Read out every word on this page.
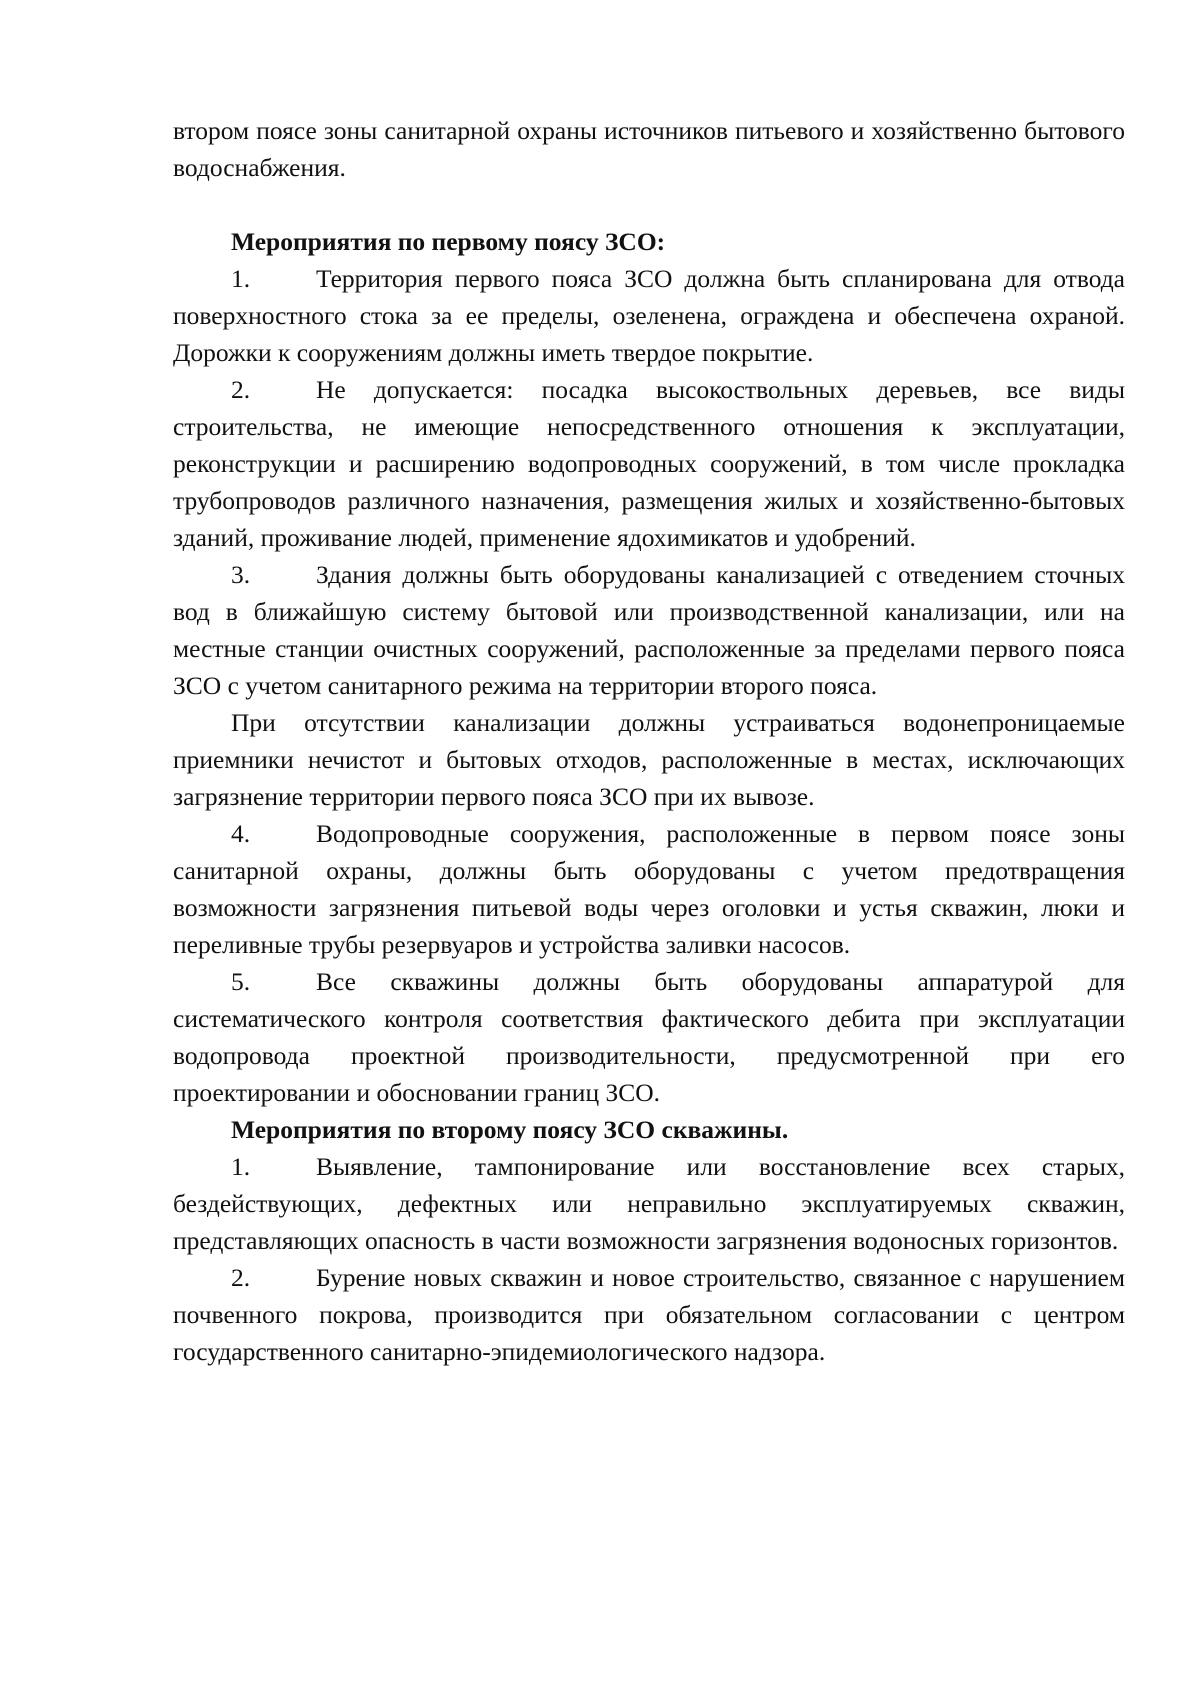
втором поясе зоны санитарной охраны источников питьевого и хозяйственно бытового водоснабжения.

Мероприятия по первому поясу ЗСО:

1.	Территория первого пояса ЗСО должна быть спланирована для отвода поверхностного стока за ее пределы, озеленена, ограждена и обеспечена охраной. Дорожки к сооружениям должны иметь твердое покрытие.

2.	Не допускается: посадка высокоствольных деревьев, все виды строительства, не имеющие непосредственного отношения к эксплуатации, реконструкции и расширению водопроводных сооружений, в том числе прокладка трубопроводов различного назначения, размещения жилых и хозяйственно-бытовых зданий, проживание людей, применение ядохимикатов и удобрений.

3.	Здания должны быть оборудованы канализацией с отведением сточных вод в ближайшую систему бытовой или производственной канализации, или на местные станции очистных сооружений, расположенные за пределами первого пояса ЗСО с учетом санитарного режима на территории второго пояса.

При отсутствии канализации должны устраиваться водонепроницаемые приемники нечистот и бытовых отходов, расположенные в местах, исключающих загрязнение территории первого пояса ЗСО при их вывозе.

4.	Водопроводные сооружения, расположенные в первом поясе зоны санитарной охраны, должны быть оборудованы с учетом предотвращения возможности загрязнения питьевой воды через оголовки и устья скважин, люки и переливные трубы резервуаров и устройства заливки насосов.

5.	Все скважины должны быть оборудованы аппаратурой для систематического контроля соответствия фактического дебита при эксплуатации водопровода проектной производительности, предусмотренной при его проектировании и обосновании границ ЗСО.

Мероприятия по второму поясу ЗСО скважины.

1.	Выявление, тампонирование или восстановление всех старых, бездействующих, дефектных или неправильно эксплуатируемых скважин, представляющих опасность в части возможности загрязнения водоносных горизонтов.

2.	Бурение новых скважин и новое строительство, связанное с нарушением почвенного покрова, производится при обязательном согласовании с центром государственного санитарно-эпидемиологического надзора.
